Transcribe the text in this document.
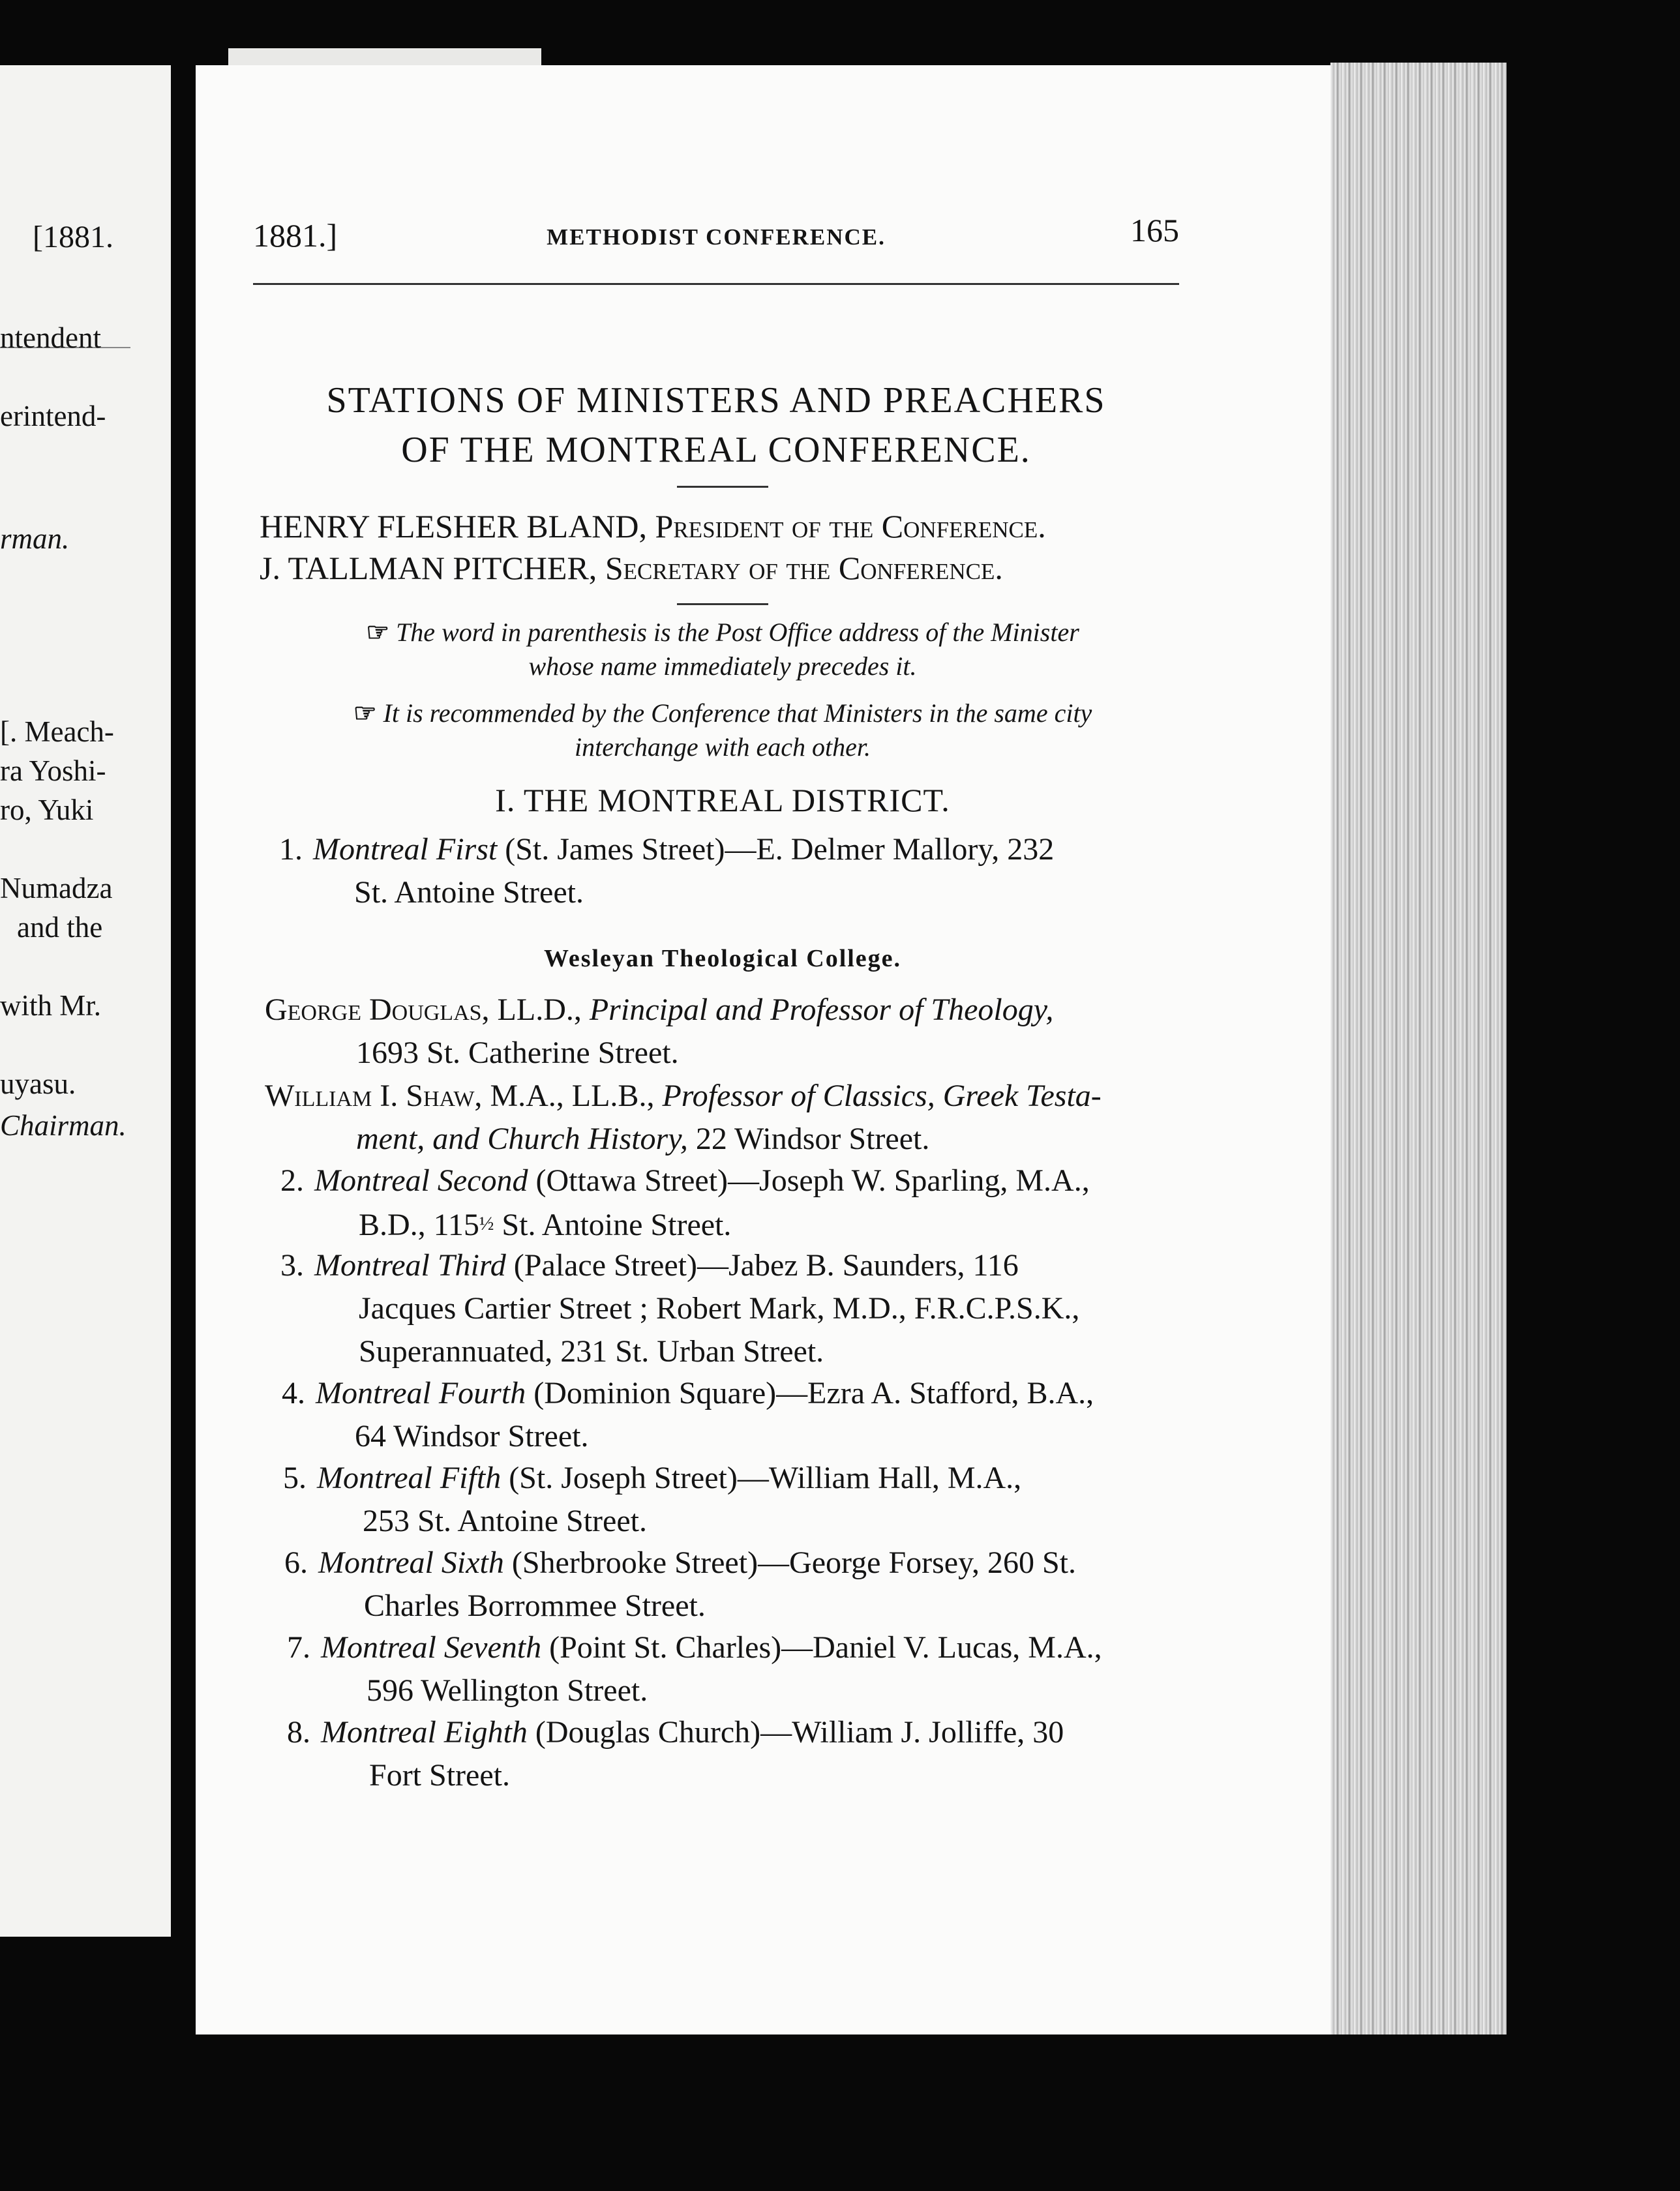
[1881.
ntendent
erintend-
rman.
[. Meach-
ra Yoshi-
ro, Yuki
Numadza
and the
with Mr.
uyasu.
Chairman.
1881.]	METHODIST CONFERENCE.	165
STATIONS OF MINISTERS AND PREACHERS
OF THE MONTREAL CONFERENCE.
HENRY FLESHER BLAND, President of the Conference.
J. TALLMAN PITCHER, Secretary of the Conference.
☞ The word in parenthesis is the Post Office address of the Minister
whose name immediately precedes it.
☞ It is recommended by the Conference that Ministers in the same city
interchange with each other.
I. THE MONTREAL DISTRICT.
1. Montreal First (St. James Street)—E. Delmer Mallory, 232
St. Antoine Street.
Wesleyan Theological College.
George Douglas, LL.D., Principal and Professor of Theology,
1693 St. Catherine Street.
William I. Shaw, M.A., LL.B., Professor of Classics, Greek Testa-
ment, and Church History, 22 Windsor Street.
2. Montreal Second (Ottawa Street)—Joseph W. Sparling, M.A.,
B.D., 115½ St. Antoine Street.
3. Montreal Third (Palace Street)—Jabez B. Saunders, 116
Jacques Cartier Street ; Robert Mark, M.D., F.R.C.P.S.K.,
Superannuated, 231 St. Urban Street.
4. Montreal Fourth (Dominion Square)—Ezra A. Stafford, B.A.,
64 Windsor Street.
5. Montreal Fifth (St. Joseph Street)—William Hall, M.A.,
253 St. Antoine Street.
6. Montreal Sixth (Sherbrooke Street)—George Forsey, 260 St.
Charles Borrommee Street.
7. Montreal Seventh (Point St. Charles)—Daniel V. Lucas, M.A.,
596 Wellington Street.
8. Montreal Eighth (Douglas Church)—William J. Jolliffe, 30
Fort Street.
